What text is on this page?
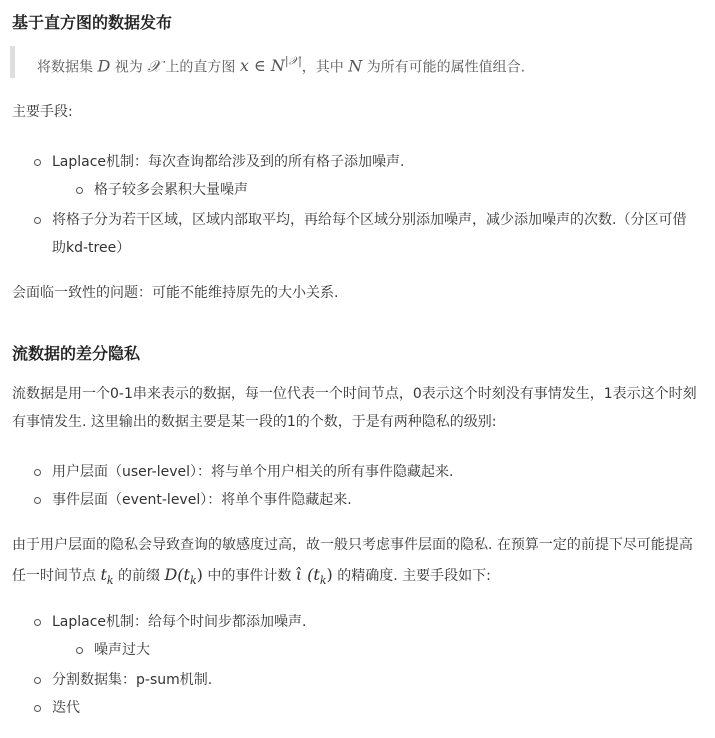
基于直方图的数据发布
将数据集 D 视为 𝒳 上的直方图 x ∈ $N^{|𝒳|}$，其中 N 为所有可能的属性值组合.

主要手段:

Laplace机制：每次查询都给涉及到的所有格子添加噪声.
格子较多会累积大量噪声
将格子分为若干区域，区域内部取平均，再给每个区域分别添加噪声，减少添加噪声的次数.（分区可借助kd-tree）

会面临一致性的问题：可能不能维持原先的大小关系.

流数据的差分隐私

流数据是用一个0-1串来表示的数据，每一位代表一个时间节点，0表示这个时刻没有事情发生，1表示这个时刻有事情发生. 这里输出的数据主要是某一段的1的个数，于是有两种隐私的级别:

用户层面（user-level）：将与单个用户相关的所有事件隐藏起来.
事件层面（event-level）：将单个事件隐藏起来.

由于用户层面的隐私会导致查询的敏感度过高，故一般只考虑事件层面的隐私. 在预算一定的前提下尽可能提高任一时间节点 $t_k$ 的前缀 $D(t_k)$ 中的事件计数 ι̂ $(t_k)$ 的精确度. 主要手段如下:

Laplace机制：给每个时间步都添加噪声.
噪声过大
分割数据集：p-sum机制.
迭代
